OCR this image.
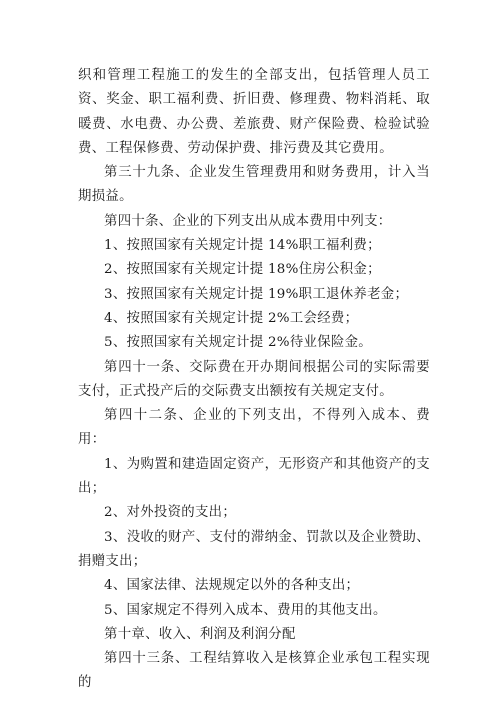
织和管理工程施工的发生的全部支出，包括管理人员工资、奖金、职工福利费、折旧费、修理费、物料消耗、取暖费、水电费、办公费、差旅费、财产保险费、检验试验费、工程保修费、劳动保护费、排污费及其它费用。

第三十九条、企业发生管理费用和财务费用，计入当期损益。

第四十条、企业的下列支出从成本费用中列支：

1、按照国家有关规定计提 14%职工福利费；

2、按照国家有关规定计提 18%住房公积金；

3、按照国家有关规定计提 19%职工退休养老金；

4、按照国家有关规定计提 2%工会经费；

5、按照国家有关规定计提 2%待业保险金。

第四十一条、交际费在开办期间根据公司的实际需要支付，正式投产后的交际费支出额按有关规定支付。

第四十二条、企业的下列支出，不得列入成本、费用：

1、为购置和建造固定资产，无形资产和其他资产的支出；

2、对外投资的支出；

3、没收的财产、支付的滞纳金、罚款以及企业赞助、捐赠支出；

4、国家法律、法规规定以外的各种支出；

5、国家规定不得列入成本、费用的其他支出。

第十章、收入、利润及利润分配

第四十三条、工程结算收入是核算企业承包工程实现的
